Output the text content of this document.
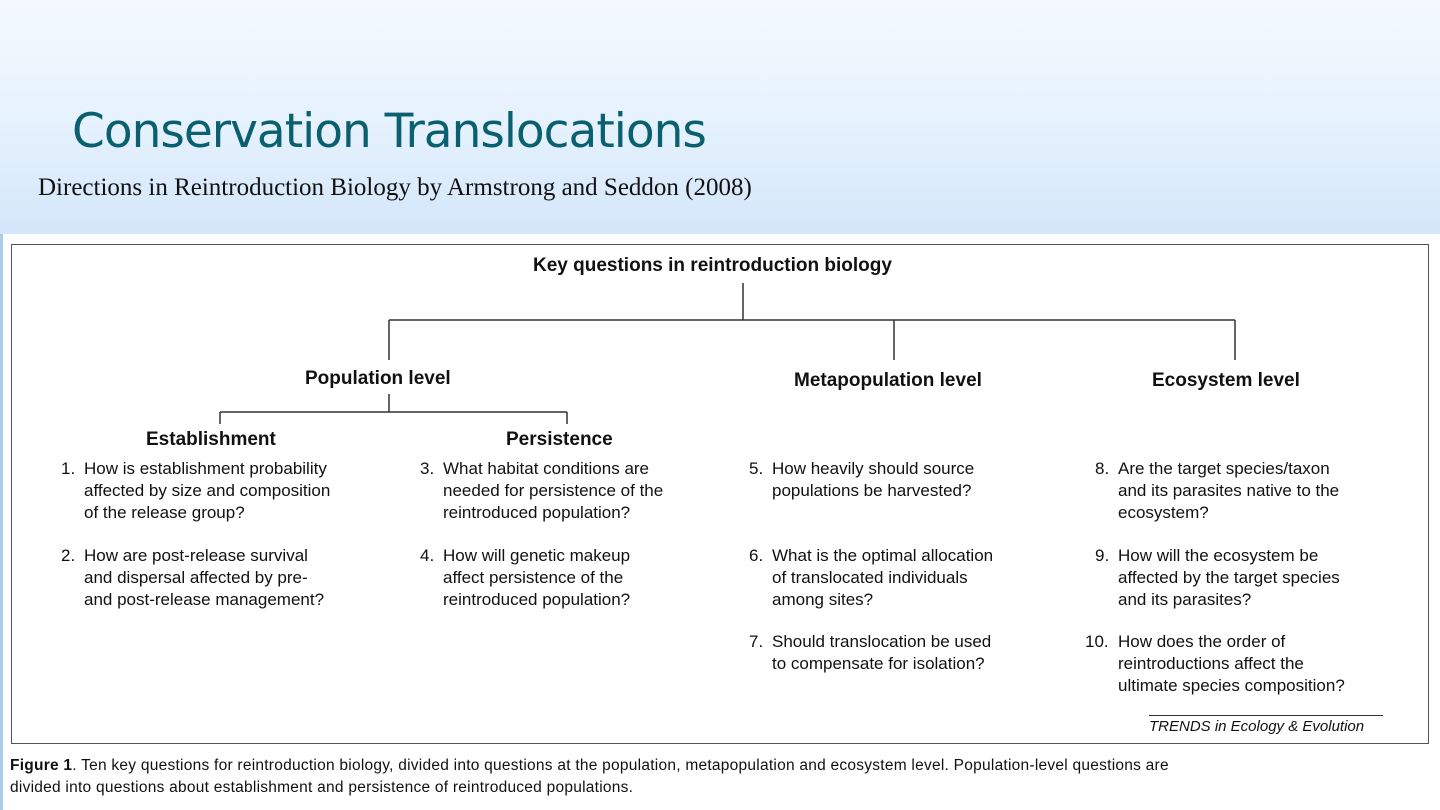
Conservation Translocations
Directions in Reintroduction Biology by Armstrong and Seddon (2008)
Key questions in reintroduction biology
Population level	Metapopulation level	Ecosystem level
Establishment	Persistence
1. How is establishment probability
affected by size and composition
of the release group?
2. How are post-release survival
and dispersal affected by pre-
and post-release management?
3. What habitat conditions are
needed for persistence of the
reintroduced population?
4. How will genetic makeup
affect persistence of the
reintroduced population?
5. How heavily should source
populations be harvested?
6. What is the optimal allocation
of translocated individuals
among sites?
7. Should translocation be used
to compensate for isolation?
8. Are the target species/taxon
and its parasites native to the
ecosystem?
9. How will the ecosystem be
affected by the target species
and its parasites?
10. How does the order of
reintroductions affect the
ultimate species composition?
TRENDS in Ecology & Evolution
Figure 1. Ten key questions for reintroduction biology, divided into questions at the population, metapopulation and ecosystem level. Population-level questions are
divided into questions about establishment and persistence of reintroduced populations.
